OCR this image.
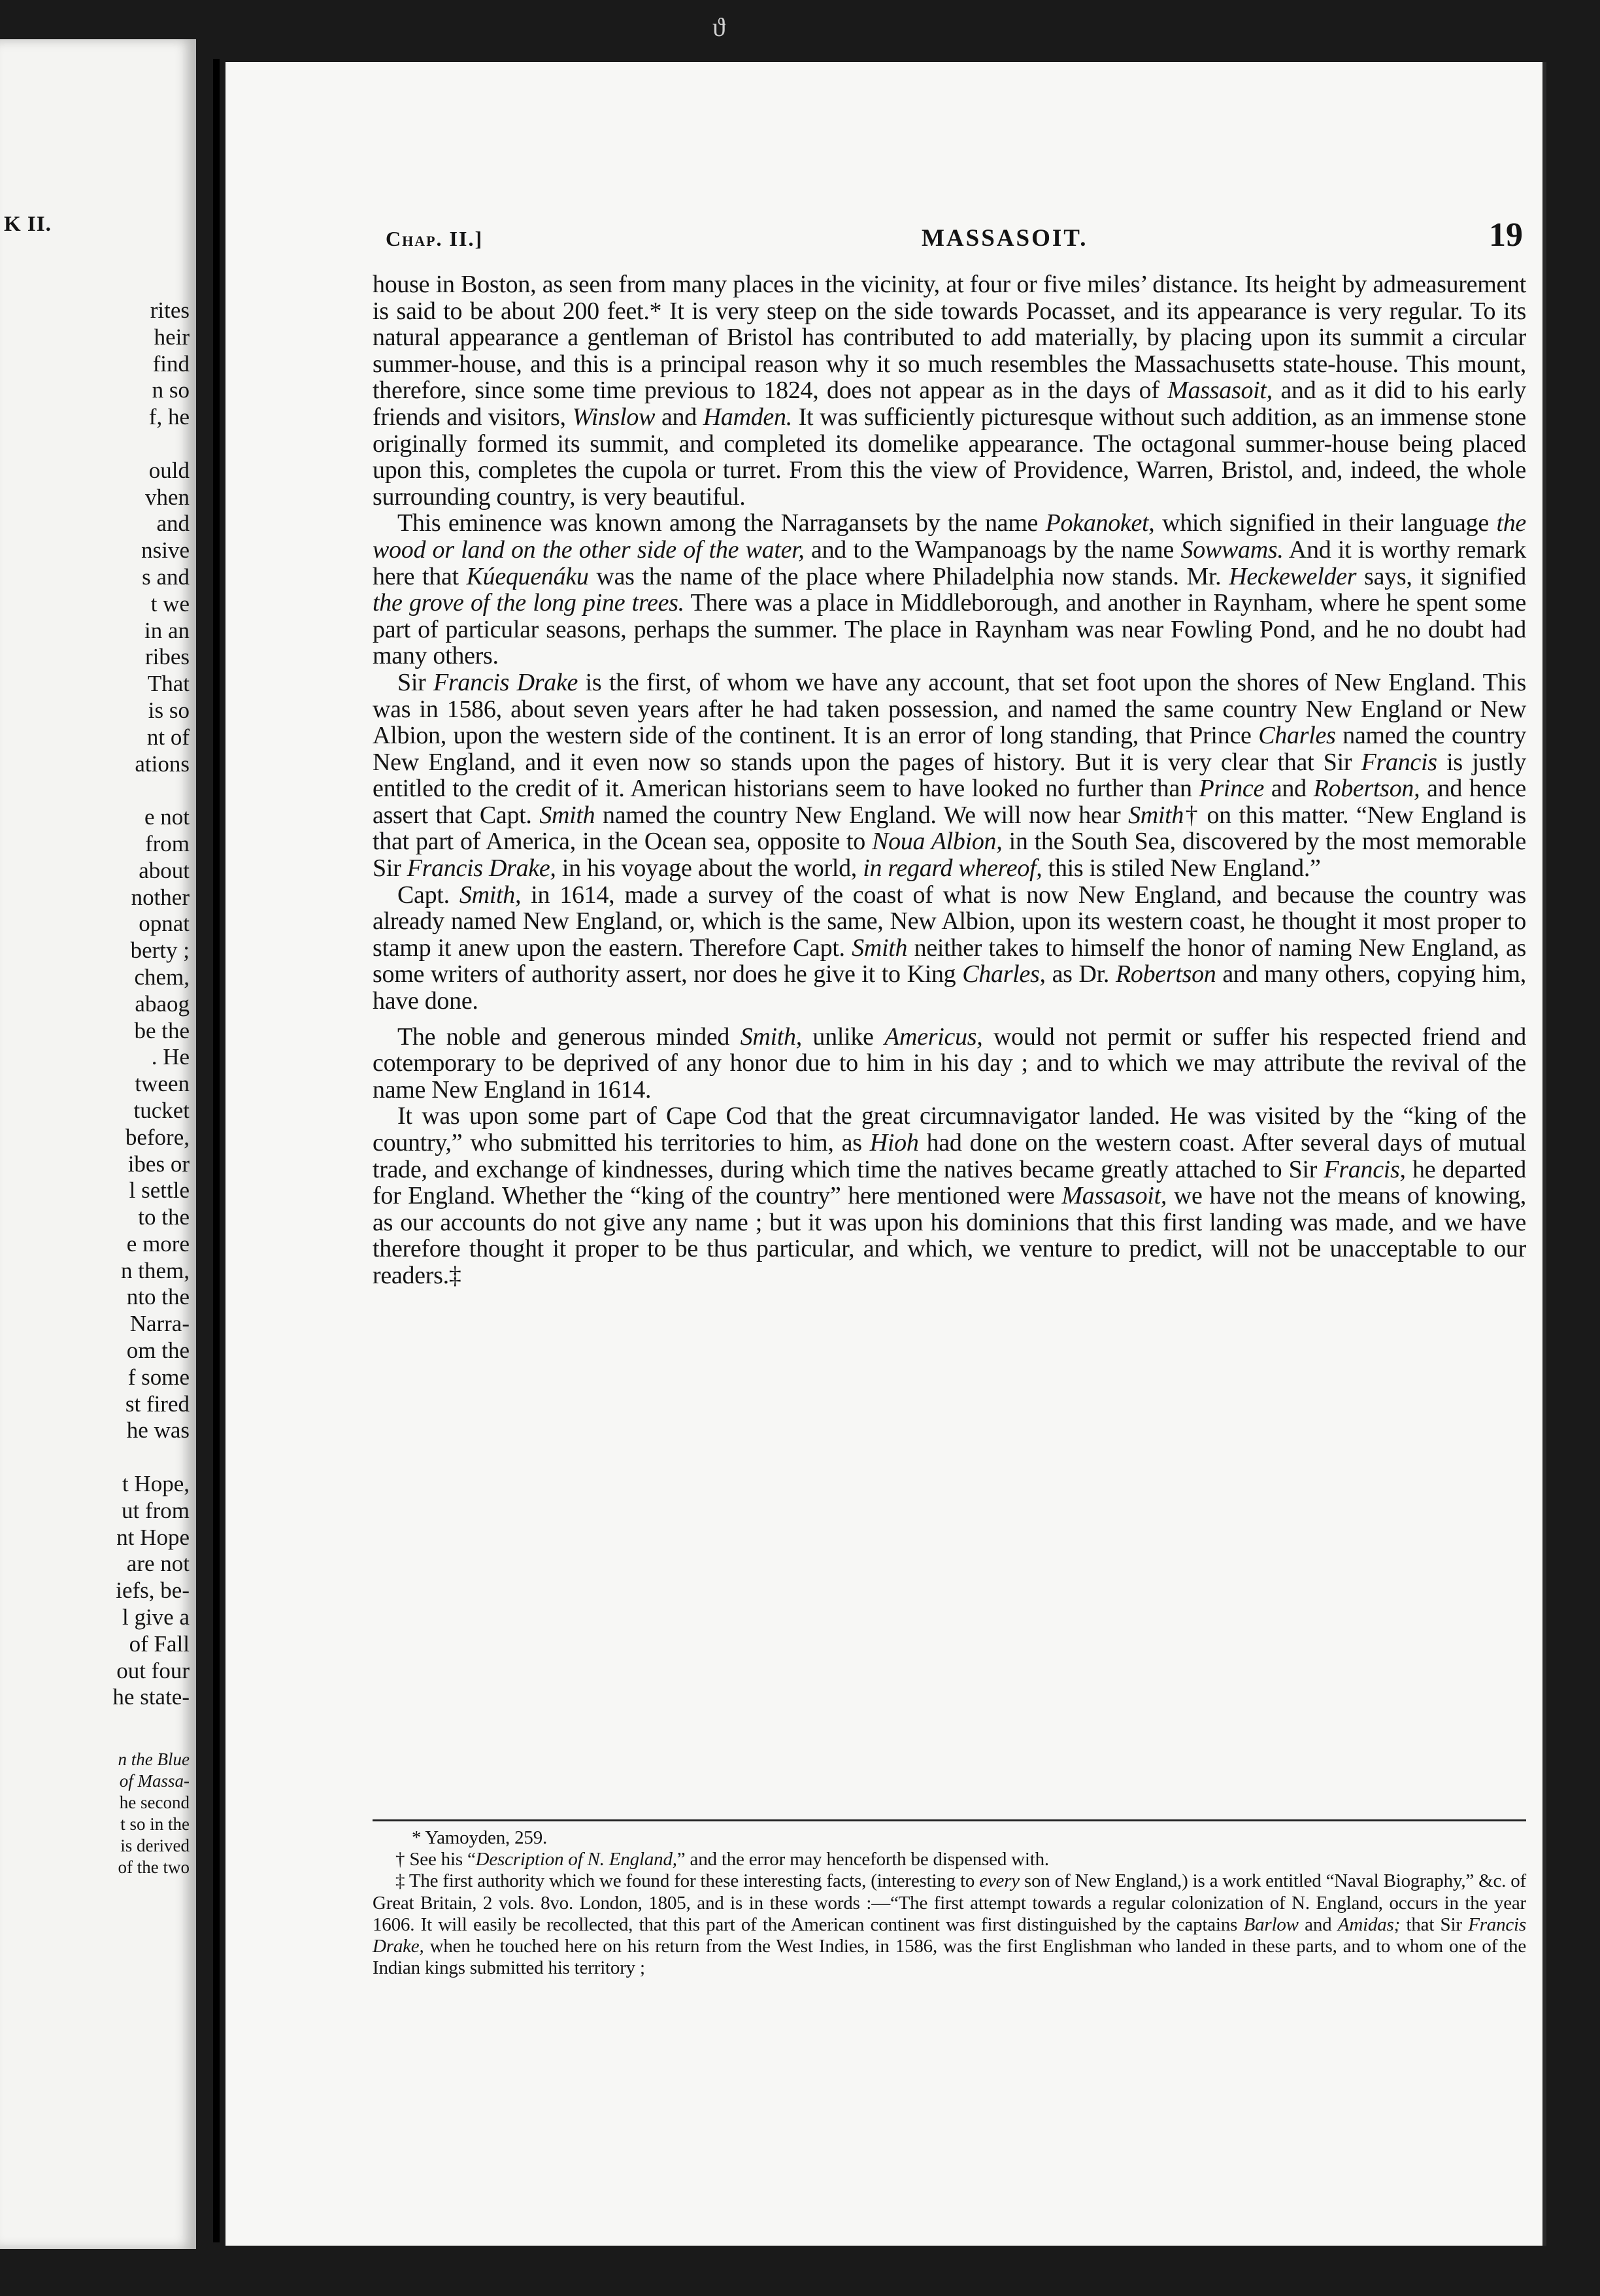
K II.
rites
heir
find
n so
f, he
ould
vhen
and
nsive
s and
t we
in an
ribes
That
is so
nt of
ations
e not
from
about
nother
opnat
berty ;
chem,
abaog
be the
. He
tween
tucket
before,
ibes or
l settle
to the
e more
n them,
nto the
Narra-
om the
f some
st fired
he was
t Hope,
ut from
nt Hope
are not
iefs, be-
l give a
of Fall
out four
he state-
n the Blue
of Massa-
he second
t so in the
is derived
of the two
ϑ
Chap. II.]	MASSASOIT.	19

house in Boston, as seen from many places in the vicinity, at four or five miles’ distance. Its height by admeasurement is said to be about 200 feet.* It is very steep on the side towards Pocasset, and its appearance is very regular. To its natural appearance a gentleman of Bristol has contributed to add materially, by placing upon its summit a circular summer-house, and this is a principal reason why it so much resembles the Massachusetts state-house. This mount, therefore, since some time previous to 1824, does not appear as in the days of Massasoit, and as it did to his early friends and visitors, Winslow and Hamden. It was sufficiently picturesque without such addition, as an immense stone originally formed its summit, and completed its domelike appearance. The octagonal summer-house being placed upon this, completes the cupola or turret. From this the view of Providence, Warren, Bristol, and, indeed, the whole surrounding country, is very beautiful.

This eminence was known among the Narragansets by the name Pokanoket, which signified in their language the wood or land on the other side of the water, and to the Wampanoags by the name Sowwams. And it is worthy remark here that Kúequenáku was the name of the place where Philadelphia now stands. Mr. Heckewelder says, it signified the grove of the long pine trees. There was a place in Middleborough, and another in Raynham, where he spent some part of particular seasons, perhaps the summer. The place in Raynham was near Fowling Pond, and he no doubt had many others.

Sir Francis Drake is the first, of whom we have any account, that set foot upon the shores of New England. This was in 1586, about seven years after he had taken possession, and named the same country New England or New Albion, upon the western side of the continent. It is an error of long standing, that Prince Charles named the country New England, and it even now so stands upon the pages of history. But it is very clear that Sir Francis is justly entitled to the credit of it. American historians seem to have looked no further than Prince and Robertson, and hence assert that Capt. Smith named the country New England. We will now hear Smith† on this matter. “New England is that part of America, in the Ocean sea, opposite to Noua Albion, in the South Sea, discovered by the most memorable Sir Francis Drake, in his voyage about the world, in regard whereof, this is stiled New England.”

Capt. Smith, in 1614, made a survey of the coast of what is now New England, and because the country was already named New England, or, which is the same, New Albion, upon its western coast, he thought it most proper to stamp it anew upon the eastern. Therefore Capt. Smith neither takes to himself the honor of naming New England, as some writers of authority assert, nor does he give it to King Charles, as Dr. Robertson and many others, copying him, have done.

The noble and generous minded Smith, unlike Americus, would not permit or suffer his respected friend and cotemporary to be deprived of any honor due to him in his day ; and to which we may attribute the revival of the name New England in 1614.

It was upon some part of Cape Cod that the great circumnavigator landed. He was visited by the “king of the country,” who submitted his territories to him, as Hioh had done on the western coast. After several days of mutual trade, and exchange of kindnesses, during which time the natives became greatly attached to Sir Francis, he departed for England. Whether the “king of the country” here mentioned were Massasoit, we have not the means of knowing, as our accounts do not give any name ; but it was upon his dominions that this first landing was made, and we have therefore thought it proper to be thus particular, and which, we venture to predict, will not be unacceptable to our readers.‡

* Yamoyden, 259.

† See his “Description of N. England,” and the error may henceforth be dispensed with.

‡ The first authority which we found for these interesting facts, (interesting to every son of New England,) is a work entitled “Naval Biography,” &c. of Great Britain, 2 vols. 8vo. London, 1805, and is in these words :—“The first attempt towards a regular colonization of N. England, occurs in the year 1606. It will easily be recollected, that this part of the American continent was first distinguished by the captains Barlow and Amidas; that Sir Francis Drake, when he touched here on his return from the West Indies, in 1586, was the first Englishman who landed in these parts, and to whom one of the Indian kings submitted his territory ;
